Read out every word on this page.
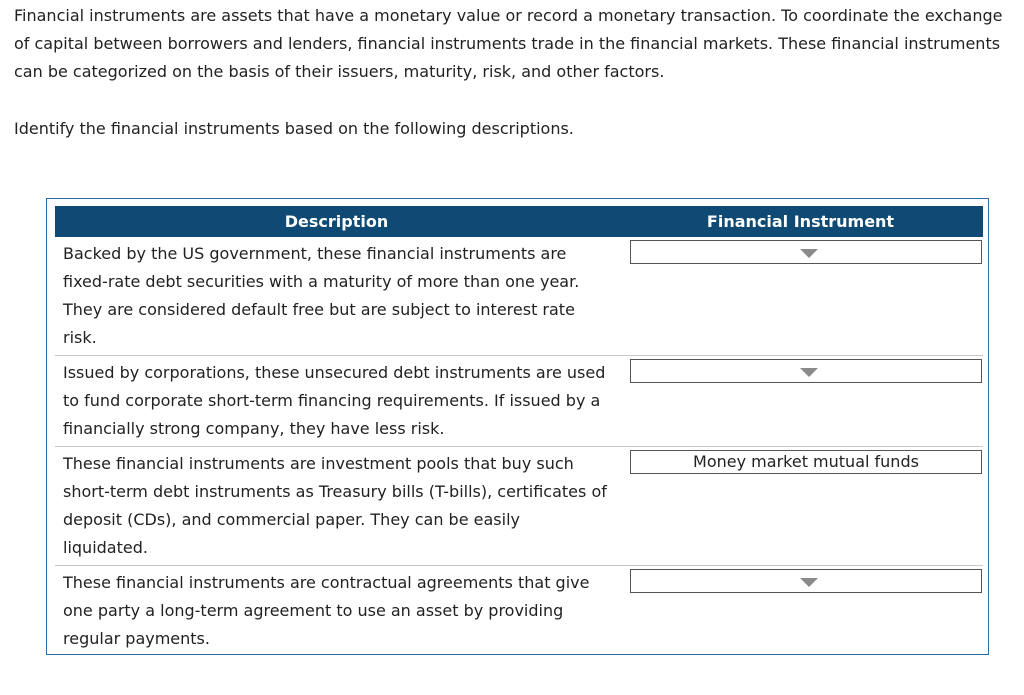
Financial instruments are assets that have a monetary value or record a monetary transaction. To coordinate the exchange of capital between borrowers and lenders, financial instruments trade in the financial markets. These financial instruments can be categorized on the basis of their issuers, maturity, risk, and other factors.

Identify the financial instruments based on the following descriptions.

Description	Financial Instrument
Backed by the US government, these financial instruments are fixed-rate debt securities with a maturity of more than one year. They are considered default free but are subject to interest rate risk.	

Issued by corporations, these unsecured debt instruments are used to fund corporate short-term financing requirements. If issued by a financially strong company, they have less risk.	

These financial instruments are investment pools that buy such short-term debt instruments as Treasury bills (T-bills), certificates of deposit (CDs), and commercial paper. They can be easily liquidated.	Money market mutual funds

These financial instruments are contractual agreements that give one party a long-term agreement to use an asset by providing regular payments.	
